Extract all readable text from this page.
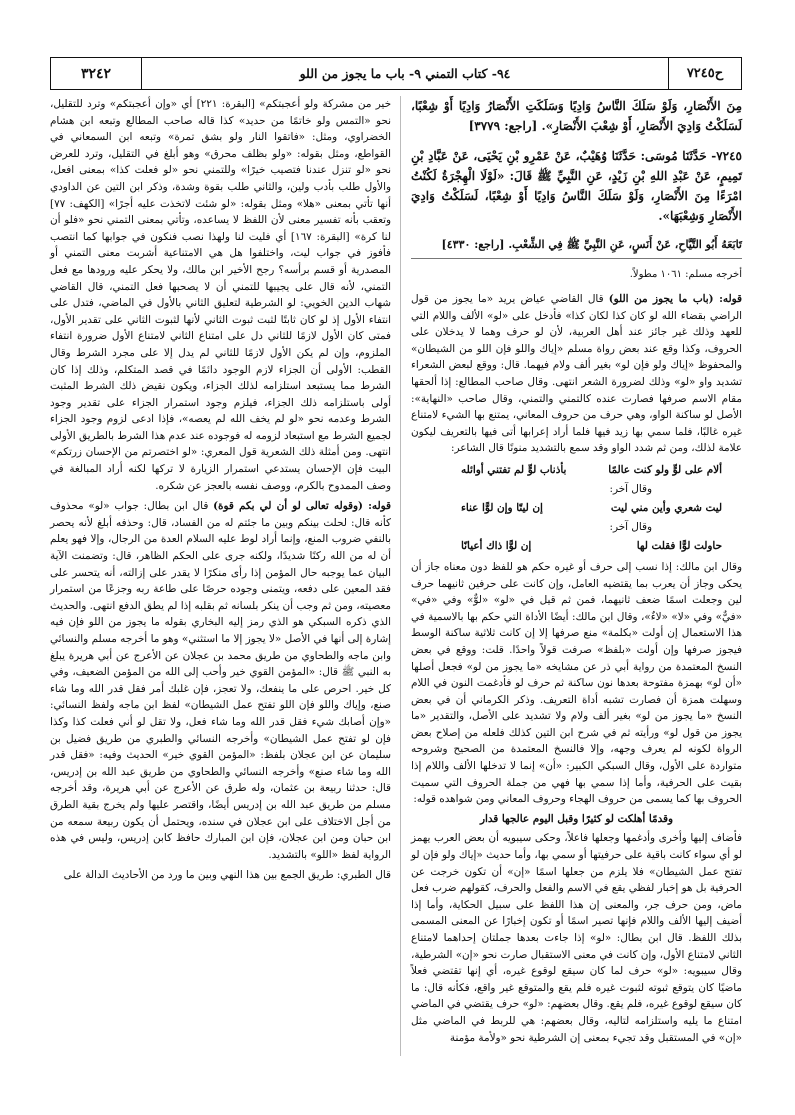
ح٧٢٤٥
٩٤- كتاب التمني ٩- باب ما يجوز من اللو
٣٢٤٢

مِنَ الأَنْصَارِ، وَلَوْ سَلَكَ النَّاسُ وَادِيًا وَسَلَكَتِ الأَنْصَارُ وَادِيًا أَوْ شِعْبًا، لَسَلَكْتُ وَادِيَ الأَنْصَارِ، أَوْ شِعْبَ الأَنْصَارِ». [راجع: ٣٧٧٩]

٧٢٤٥- حَدَّثَنَا مُوسَى: حَدَّثَنَا وُهَيْبٌ، عَنْ عَمْرِو بْنِ يَحْيَى، عَنْ عَبَّادِ بْنِ تَمِيمٍ، عَنْ عَبْدِ اللهِ بْنِ زَيْدٍ، عَنِ النَّبِيِّ ﷺ قَالَ: «لَوْلَا الْهِجْرَةُ لَكُنْتُ امْرَءًا مِنَ الأَنْصَارِ، وَلَوْ سَلَكَ النَّاسُ وَادِيًا أَوْ شِعْبًا، لَسَلَكْتُ وَادِيَ الأَنْصَارِ وَشِعْبَهَا».

تَابَعَهُ أَبُو التَّيَّاحِ، عَنْ أَنَسٍ، عَنِ النَّبِيِّ ﷺ فِي الشِّعْبِ. [راجع: ٤٣٣٠]

أخرجه مسلم: ١٠٦١ مطولاً.

قوله: (باب ما يجوز من اللو) قال القاضي عياض يريد «ما يجوز من قول الراضي بقضاء الله لو كان كذا لكان كذا» فأدخل على «لو» الألف واللام التي للعهد وذلك غير جائز عند أهل العربية، لأن لو حرف وهما لا يدخلان على الحروف، وكذا وقع عند بعض رواة مسلم «إياك واللو فإن اللو من الشيطان» والمحفوظ «إياك ولو فإن لو» بغير ألف ولام فيهما. قال: ووقع لبعض الشعراء تشديد واو «لو» وذلك لضرورة الشعر انتهى. وقال صاحب المطالع: إذا ألحقها مقام الاسم صرفها فصارت عنده كالتمني والتمني، وقال صاحب «النهاية»: الأصل لو ساكنة الواو، وهي حرف من حروف المعاني، يمتنع بها الشيء لامتناع غيره غالبًا، فلما سمي بها زيد فيها فلما أراد إعرابها أتى فيها بالتعريف ليكون علامة لذلك، ومن ثم شدد الواو وقد سمع بالتشديد منونًا قال الشاعر:

ألام على لوٍّ ولو كنت عالمًا
بأذناب لوٍّ لم تفتني أوائله
وقال آخر:
ليت شعري وأين مني ليت
إن ليتًا وإن لوًّا عناء
وقال آخر:
حاولت لوًّا فقلت لها
إن لوًّا ذاك أعيانًا

وقال ابن مالك: إذا نسب إلى حرف أو غيره حكم هو للفظ دون معناه جاز أن يحكى وجاز أن يعرب بما يقتضيه العامل، وإن كانت على حرفين ثانيهما حرف لين وجعلت اسمًا ضعف ثانيهما، فمن ثم قيل في «لو» «لوٌّ» وفي «في» «فيٌّ» وفي «لا» «لاءٌ»، وقال ابن مالك: أيضًا الأداة التي حكم بها بالاسمية في هذا الاستعمال إن أولت «بكلمة» منع صرفها إلا إن كانت ثلاثية ساكنة الوسط فيجوز صرفها وإن أولت «بلفظ» صرفت قولاً واحدًا. قلت: ووقع في بعض النسخ المعتمدة من رواية أبي ذر عن مشايخه «ما يجوز من لو» فجعل أصلها «أن لو» بهمزة مفتوحة بعدها نون ساكنة ثم حرف لو فأدغمت النون في اللام وسهلت همزة أن فصارت تشبه أداة التعريف. وذكر الكرماني أن في بعض النسخ «ما يجوز من لو» بغير ألف ولام ولا تشديد على الأصل، والتقدير «ما يجوز من قول لو» ورأيته ثم في شرح ابن التين كذلك فلعله من إصلاح بعض الرواة لكونه لم يعرف وجهه، وإلا فالنسخ المعتمدة من الصحيح وشروحه متواردة على الأول، وقال السبكي الكبير: «أن» إنما لا تدخلها الألف واللام إذا بقيت على الحرفية، وأما إذا سمي بها فهي من جملة الحروف التي سميت الحروف بها كما يسمى من حروف الهجاء وحروف المعاني ومن شواهده قوله:

وقدمًا أهلكت لو كثيرًا وقبل اليوم عالجها قدار

فأضاف إليها وأخرى وأدغمها وجعلها فاعلاً، وحكى سيبويه أن بعض العرب يهمز لو أي سواء كانت باقية على حرفيتها أو سمي بها، وأما حديث «إياك ولو فإن لو تفتح عمل الشيطان» فلا يلزم من جعلها اسمًا «إن» أن تكون خرجت عن الحرفية بل هو إخبار لفظي يقع في الاسم والفعل والحرف، كقولهم ضرب فعل ماض، ومن حرف جر، والمعنى إن هذا اللفظ على سبيل الحكاية، وأما إذا أضيف إليها الألف واللام فإنها تصير اسمًا أو تكون إخبارًا عن المعنى المسمى بذلك اللفظ. قال ابن بطال: «لو» إذا جاءت بعدها جملتان إحداهما لامتناع الثاني لامتناع الأول، وإن كانت في معنى الاستقبال صارت نحو «إن» الشرطية، وقال سيبويه: «لو» حرف لما كان سيقع لوقوع غيره، أي إنها تقتضي فعلاً ماضيًا كان يتوقع ثبوته لثبوت غيره فلم يقع والمتوقع غير واقع، فكأنه قال: ما كان سيقع لوقوع غيره، فلم يقع. وقال بعضهم: «لو» حرف يقتضي في الماضي امتناع ما يليه واستلزامه لتاليه، وقال بعضهم: هي للربط في الماضي مثل «إن» في المستقبل وقد تجيء بمعنى إن الشرطية نحو «ولأمة مؤمنة

خير من مشركة ولو أعجبتكم» [البقرة: ٢٢١] أي «وإن أعجبتكم» وترد للتقليل، نحو «التمس ولو خاتمًا من حديد» كذا قاله صاحب المطالع وتبعه ابن هشام الخضراوي، ومثل: «فاتقوا النار ولو بشق تمرة» وتبعه ابن السمعاني في القواطع، ومثل بقوله: «ولو بظلف محرق» وهو أبلغ في التقليل، وترد للعرض نحو «لو تنزل عندنا فتصيب خيرًا» وللتمني نحو «لو فعلت كذا» بمعنى افعل، والأول طلب بأدب ولين، والثاني طلب بقوة وشدة، وذكر ابن التين عن الداودي أنها تأتي بمعنى «هلا» ومثل بقوله: «لو شئت لاتخذت عليه أجرًا» [الكهف: ٧٧] وتعقب بأنه تفسير معنى لأن اللفظ لا يساعده، وتأتي بمعنى التمني نحو «فلو أن لنا كرة» [البقرة: ١٦٧] أي فليت لنا ولهذا نصب فنكون في جوابها كما انتصب فأفوز في جواب ليت، واختلفوا هل هي الامتناعية أشربت معنى التمني أو المصدرية أو قسم برأسه؟ رجح الأخير ابن مالك، ولا يحكر عليه ورودها مع فعل التمني، لأنه قال على يجيبها للتمني أن لا يصحبها فعل التمني، قال القاضي شهاب الدين الخويي: لو الشرطية لتعليق الثاني بالأول في الماضي، فتدل على انتفاء الأول إذ لو كان ثابتًا لثبت ثبوت الثاني لأنها لثبوت الثاني على تقدير الأول، فمتى كان الأول لازمًا للثاني دل على امتناع الثاني لامتناع الأول ضرورة انتفاء الملزوم، وإن لم يكن الأول لازمًا للثاني لم يدل إلا على مجرد الشرط وقال القطب: الأولى أن الجزاء لازم الوجود دائمًا في قصد المتكلم، وذلك إذا كان الشرط مما يستبعد استلزامه لذلك الجزاء، ويكون نقيض ذلك الشرط المثبت أولى باستلزامه ذلك الجزاء، فيلزم وجود استمرار الجزاء على تقدير وجود الشرط وعدمه نحو «لو لم يخف الله لم يعصه»، فإذا ادعى لزوم وجود الجزاء لجميع الشرط مع استبعاد لزومه له فوجوده عند عدم هذا الشرط بالطريق الأولى انتهى. ومن أمثلة ذلك الشعرية قول المعري: «لو اختصرتم من الإحسان زرتكم» البيت فإن الإحسان يستدعي استمرار الزيارة لا تركها لكنه أراد المبالغة في وصف الممدوح بالكرم، ووصف نفسه بالعجز عن شكره.

قوله: (وقوله تعالى لو أن لي بكم قوة) قال ابن بطال: جواب «لو» محذوف كأنه قال: لحلت بينكم وبين ما جئتم له من الفساد، قال: وحذفه أبلغ لأنه يحصر بالنفي ضروب المنع، وإنما أراد لوط عليه السلام العدة من الرجال، وإلا فهو يعلم أن له من الله ركنًا شديدًا، ولكنه جرى على الحكم الظاهر، قال: وتضمنت الآية البيان عما يوجبه حال المؤمن إذا رأى منكرًا لا يقدر على إزالته، أنه يتحسر على فقد المعين على دفعه، ويتمنى وجوده حرصًا على طاعة ربه وجزعًا من استمرار معصيته، ومن ثم وجب أن ينكر بلسانه ثم بقلبه إذا لم يطق الدفع انتهى. والحديث الذي ذكره السبكي هو الذي رمز إليه البخاري بقوله ما يجوز من اللو فإن فيه إشارة إلى أنها في الأصل «لا يجوز إلا ما استثني» وهو ما أخرجه مسلم والنسائي وابن ماجه والطحاوي من طريق محمد بن عجلان عن الأعرج عن أبي هريرة يبلغ به النبي ﷺ قال: «المؤمن القوي خير وأحب إلى الله من المؤمن الضعيف، وفي كل خير. احرص على ما ينفعك، ولا تعجز، فإن غلبك أمر فقل قدر الله وما شاء صنع، وإياك واللو فإن اللو تفتح عمل الشيطان» لفظ ابن ماجه ولفظ النسائي: «وإن أصابك شيء فقل قدر الله وما شاء فعل، ولا تقل لو أني فعلت كذا وكذا فإن لو تفتح عمل الشيطان» وأخرجه النسائي والطبري من طريق فضيل بن سليمان عن ابن عجلان بلفظ: «المؤمن القوي خير» الحديث وفيه: «فقل قدر الله وما شاء صنع» وأخرجه النسائي والطحاوي من طريق عبد الله بن إدريس، قال: حدثنا ربيعة بن عثمان، وله طرق عن الأعرج عن أبي هريرة، وقد أخرجه مسلم من طريق عبد الله بن إدريس أيضًا، واقتصر عليها ولم يخرج بقية الطرق من أجل الاختلاف على ابن عجلان في سنده، ويحتمل أن يكون ربيعة سمعه من ابن حبان ومن ابن عجلان، فإن ابن المبارك حافظ كابن إدريس، وليس في هذه الرواية لفظ «اللو» بالتشديد.

قال الطبري: طريق الجمع بين هذا النهي وبين ما ورد من الأحاديث الدالة على
